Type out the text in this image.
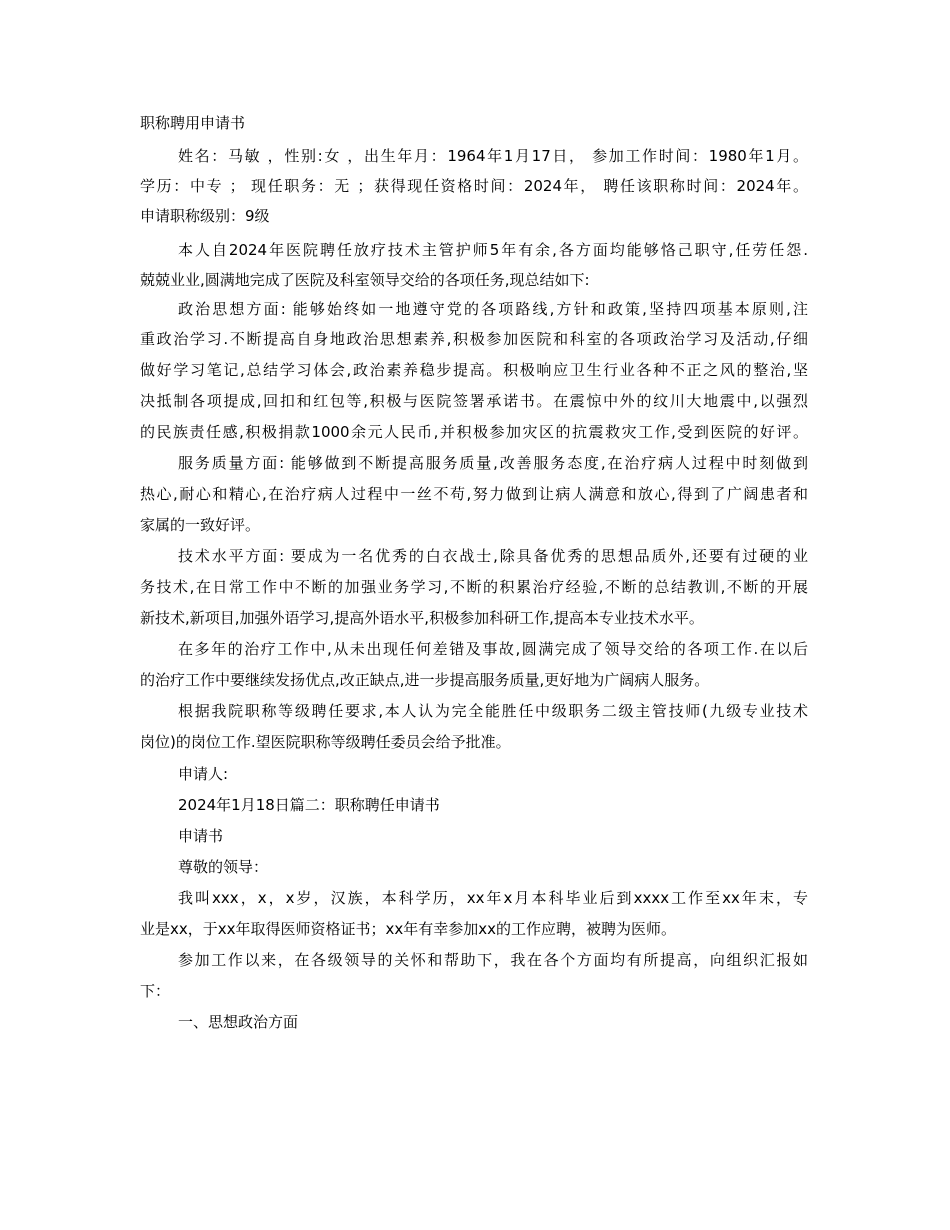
职称聘用申请书
姓名：马敏 ，性别:女 ，出生年月：1964年1月17日， 参加工作时间：1980年1月。
学历：中专 ； 现任职务：无 ；获得现任资格时间：2024年， 聘任该职称时间：2024年。
申请职称级别：9级
本人自2024年医院聘任放疗技术主管护师5年有余,各方面均能够恪己职守,任劳任怨.
兢兢业业,圆满地完成了医院及科室领导交给的各项任务,现总结如下:
政治思想方面: 能够始终如一地遵守党的各项路线,方针和政策,坚持四项基本原则,注
重政治学习.不断提高自身地政治思想素养,积极参加医院和科室的各项政治学习及活动,仔细
做好学习笔记,总结学习体会,政治素养稳步提高。积极响应卫生行业各种不正之风的整治,坚
决抵制各项提成,回扣和红包等,积极与医院签署承诺书。在震惊中外的纹川大地震中,以强烈
的民族责任感,积极捐款1000余元人民币,并积极参加灾区的抗震救灾工作,受到医院的好评。
服务质量方面: 能够做到不断提高服务质量,改善服务态度,在治疗病人过程中时刻做到
热心,耐心和精心,在治疗病人过程中一丝不苟,努力做到让病人满意和放心,得到了广阔患者和
家属的一致好评。
技术水平方面: 要成为一名优秀的白衣战士,除具备优秀的思想品质外,还要有过硬的业
务技术,在日常工作中不断的加强业务学习,不断的积累治疗经验,不断的总结教训,不断的开展
新技术,新项目,加强外语学习,提高外语水平,积极参加科研工作,提高本专业技术水平。
在多年的治疗工作中,从未出现任何差错及事故,圆满完成了领导交给的各项工作.在以后
的治疗工作中要继续发扬优点,改正缺点,进一步提高服务质量,更好地为广阔病人服务。
根据我院职称等级聘任要求,本人认为完全能胜任中级职务二级主管技师(九级专业技术
岗位)的岗位工作.望医院职称等级聘任委员会给予批准。
申请人:
2024年1月18日篇二：职称聘任申请书
申请书
尊敬的领导：
我叫xxx，x，x岁，汉族，本科学历，xx年x月本科毕业后到xxxx工作至xx年末，专
业是xx，于xx年取得医师资格证书；xx年有幸参加xx的工作应聘，被聘为医师。
参加工作以来，在各级领导的关怀和帮助下，我在各个方面均有所提高，向组织汇报如
下：
一、思想政治方面
